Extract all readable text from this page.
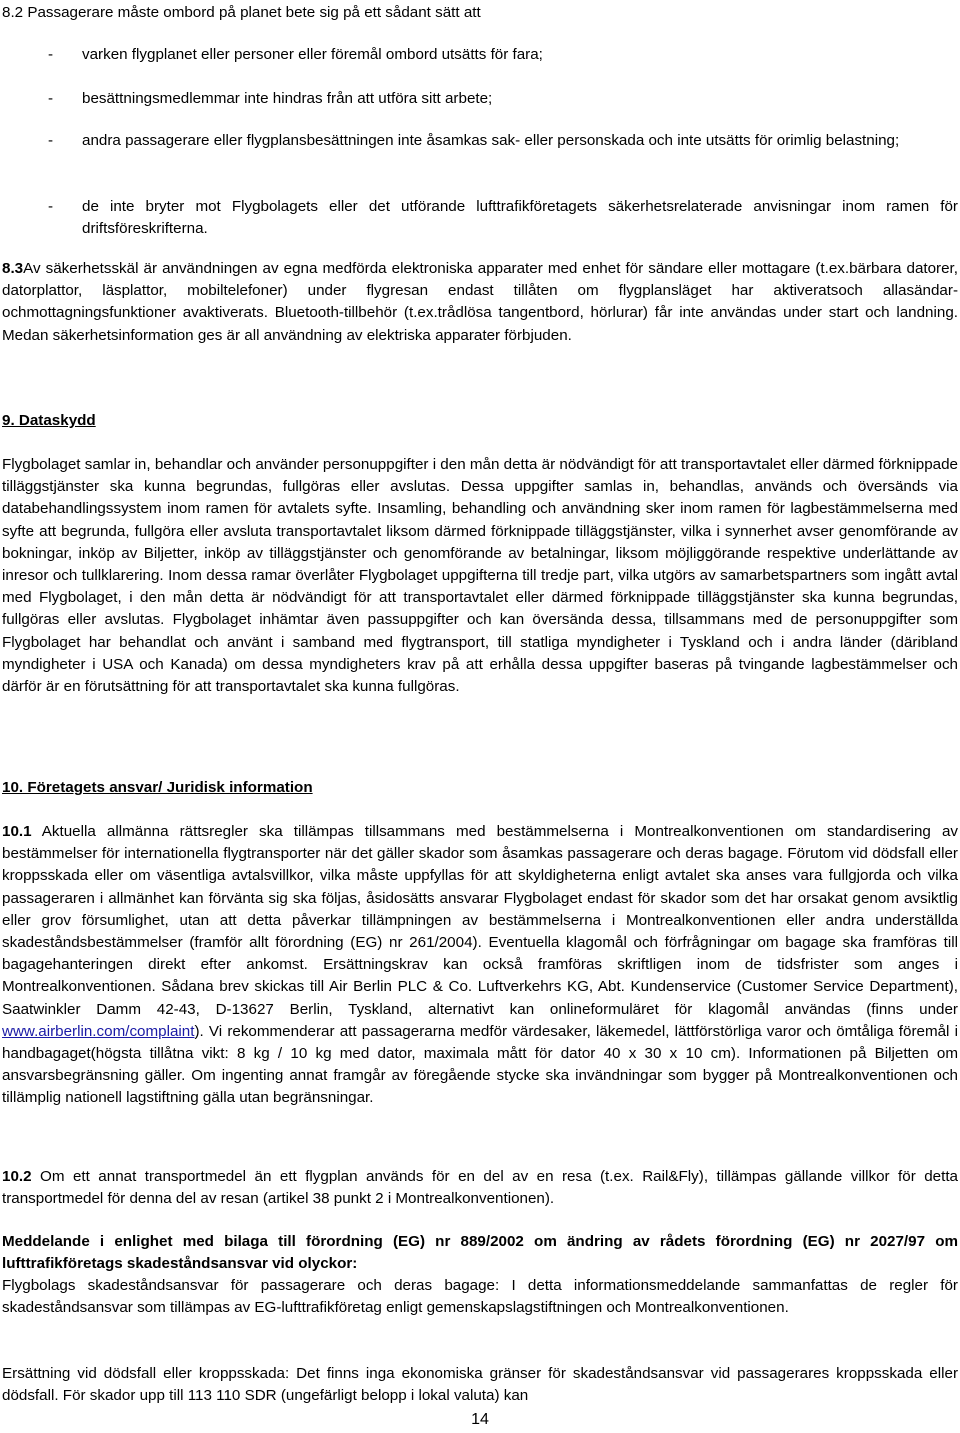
8.2 Passagerare måste ombord på planet bete sig på ett sådant sätt att

- varken flygplanet eller personer eller föremål ombord utsätts för fara;
- besättningsmedlemmar inte hindras från att utföra sitt arbete;
- andra passagerare eller flygplansbesättningen inte åsamkas sak- eller personskada och inte utsätts för orimlig belastning;
- de inte bryter mot Flygbolagets eller det utförande lufttrafikföretagets säkerhetsrelaterade anvisningar inom ramen för driftsföreskrifterna.

8.3Av säkerhetsskäl är användningen av egna medförda elektroniska apparater med enhet för sändare eller mottagare (t.ex.bärbara datorer, datorplattor, läsplattor, mobiltelefoner) under flygresan endast tillåten om flygplansläget har aktiveratsoch allasändar-ochmottagningsfunktioner avaktiverats. Bluetooth-tillbehör (t.ex.trådlösa tangentbord, hörlurar) får inte användas under start och landning. Medan säkerhetsinformation ges är all användning av elektriska apparater förbjuden.

9. Dataskydd

Flygbolaget samlar in, behandlar och använder personuppgifter i den mån detta är nödvändigt för att transportavtalet eller därmed förknippade tilläggstjänster ska kunna begrundas, fullgöras eller avslutas. Dessa uppgifter samlas in, behandlas, används och översänds via databehandlingssystem inom ramen för avtalets syfte. Insamling, behandling och användning sker inom ramen för lagbestämmelserna med syfte att begrunda, fullgöra eller avsluta transportavtalet liksom därmed förknippade tilläggstjänster, vilka i synnerhet avser genomförande av bokningar, inköp av Biljetter, inköp av tilläggstjänster och genomförande av betalningar, liksom möjliggörande respektive underlättande av inresor och tullklarering. Inom dessa ramar överlåter Flygbolaget uppgifterna till tredje part, vilka utgörs av samarbetspartners som ingått avtal med Flygbolaget, i den mån detta är nödvändigt för att transportavtalet eller därmed förknippade tilläggstjänster ska kunna begrundas, fullgöras eller avslutas. Flygbolaget inhämtar även passuppgifter och kan översända dessa, tillsammans med de personuppgifter som Flygbolaget har behandlat och använt i samband med flygtransport, till statliga myndigheter i Tyskland och i andra länder (däribland myndigheter i USA och Kanada) om dessa myndigheters krav på att erhålla dessa uppgifter baseras på tvingande lagbestämmelser och därför är en förutsättning för att transportavtalet ska kunna fullgöras.

10. Företagets ansvar/ Juridisk information

10.1 Aktuella allmänna rättsregler ska tillämpas tillsammans med bestämmelserna i Montrealkonventionen om standardisering av bestämmelser för internationella flygtransporter när det gäller skador som åsamkas passagerare och deras bagage. Förutom vid dödsfall eller kroppsskada eller om väsentliga avtalsvillkor, vilka måste uppfyllas för att skyldigheterna enligt avtalet ska anses vara fullgjorda och vilka passageraren i allmänhet kan förvänta sig ska följas, åsidosätts ansvarar Flygbolaget endast för skador som det har orsakat genom avsiktlig eller grov försumlighet, utan att detta påverkar tillämpningen av bestämmelserna i Montrealkonventionen eller andra underställda skadeståndsbestämmelser (framför allt förordning (EG) nr 261/2004). Eventuella klagomål och förfrågningar om bagage ska framföras till bagagehanteringen direkt efter ankomst. Ersättningskrav kan också framföras skriftligen inom de tidsfrister som anges i Montrealkonventionen. Sådana brev skickas till Air Berlin PLC & Co. Luftverkehrs KG, Abt. Kundenservice (Customer Service Department), Saatwinkler Damm 42-43, D-13627 Berlin, Tyskland, alternativt kan onlineformuläret för klagomål användas (finns under www.airberlin.com/complaint). Vi rekommenderar att passagerarna medför värdesaker, läkemedel, lättförstörliga varor och ömtåliga föremål i handbagaget(högsta tillåtna vikt: 8 kg / 10 kg med dator, maximala mått för dator 40 x 30 x 10 cm). Informationen på Biljetten om ansvarsbegränsning gäller. Om ingenting annat framgår av föregående stycke ska invändningar som bygger på Montrealkonventionen och tillämplig nationell lagstiftning gälla utan begränsningar.

10.2 Om ett annat transportmedel än ett flygplan används för en del av en resa (t.ex. Rail&Fly), tillämpas gällande villkor för detta transportmedel för denna del av resan (artikel 38 punkt 2 i Montrealkonventionen).

Meddelande i enlighet med bilaga till förordning (EG) nr 889/2002 om ändring av rådets förordning (EG) nr 2027/97 om lufttrafikföretags skadeståndsansvar vid olyckor:

Flygbolags skadeståndsansvar för passagerare och deras bagage: I detta informationsmeddelande sammanfattas de regler för skadeståndsansvar som tillämpas av EG-lufttrafikföretag enligt gemenskapslagstiftningen och Montrealkonventionen.

Ersättning vid dödsfall eller kroppsskada: Det finns inga ekonomiska gränser för skadeståndsansvar vid passagerares kroppsskada eller dödsfall. För skador upp till 113 110 SDR (ungefärligt belopp i lokal valuta) kan

14
